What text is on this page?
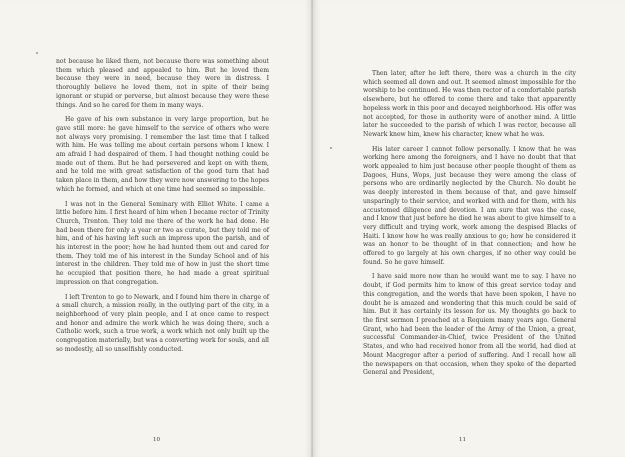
not because he liked them, not because there was something about them which pleased and appealed to him. But he loved them because they were in need, because they were in distress. I thoroughly believe he loved them, not in spite of their being ignorant or stupid or perverse, but almost because they were these things. And so he cared for them in many ways.

He gave of his own substance in very large proportion, but he gave still more: he gave himself to the service of others who were not always very promising. I remember the last time that I talked with him. He was telling me about certain persons whom I knew. I am afraid I had despaired of them. I had thought nothing could be made out of them. But he had persevered and kept on with them, and he told me with great satisfaction of the good turn that had taken place in them, and how they were now answering to the hopes which he formed, and which at one time had seemed so impossible.

I was not in the General Seminary with Elliot White. I came a little before him. I first heard of him when I became rector of Trinity Church, Trenton. They told me there of the work he had done. He had been there for only a year or two as curate, but they told me of him, and of his having left such an impress upon the parish, and of his interest in the poor; how he had hunted them out and cared for them. They told me of his interest in the Sunday School and of his interest in the children. They told me of how in just the short time he occupied that position there, he had made a great spiritual impression on that congregation.

I left Trenton to go to Newark, and I found him there in charge of a small church, a mission really, in the outlying part of the city, in a neighborhood of very plain people, and I at once came to respect and honor and admire the work which he was doing there, such a Catholic work, such a true work, a work which not only built up the congregation materially, but was a converting work for souls, and all so modestly, all so unselfishly conducted.

10

Then later, after he left there, there was a church in the city which seemed all down and out. It seemed almost impossible for the worship to be continued. He was then rector of a comfortable parish elsewhere, but he offered to come there and take that apparently hopeless work in this poor and decayed neighborhood. His offer was not accepted, for those in authority were of another mind. A little later he succeeded to the parish of which I was rector, because all Newark knew him, knew his character, knew what he was.

His later career I cannot follow personally. I know that he was working here among the foreigners, and I have no doubt that that work appealed to him just because other people thought of them as Dagoes, Huns, Wops, just because they were among the class of persons who are ordinarily neglected by the Church. No doubt he was deeply interested in them because of that, and gave himself unsparingly to their service, and worked with and for them, with his accustomed diligence and devotion. I am sure that was the case, and I know that just before he died he was about to give himself to a very difficult and trying work, work among the despised Blacks of Haiti. I know how he was really anxious to go; how he considered it was an honor to be thought of in that connection; and how he offered to go largely at his own charges, if no other way could be found. So he gave himself.

I have said more now than he would want me to say. I have no doubt, if God permits him to know of this great service today and this congregation, and the words that have been spoken, I have no doubt he is amazed and wondering that this much could be said of him. But it has certainly its lesson for us. My thoughts go back to the first sermon I preached at a Requiem many years ago. General Grant, who had been the leader of the Army of the Union, a great, successful Commander-in-Chief, twice President of the United States, and who had received honor from all the world, had died at Mount Macgregor after a period of suffering. And I recall how all the newspapers on that occasion, when they spoke of the departed General and President,

11
